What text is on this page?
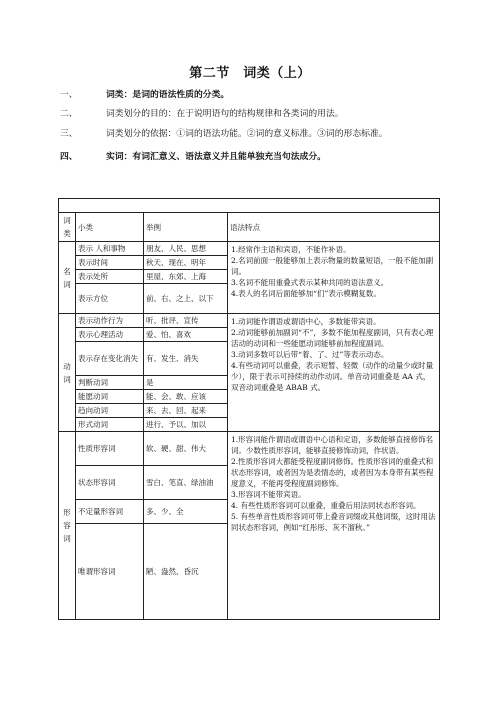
第二节　词类（上）
一、	词类：是词的语法性质的分类。
二、	词类划分的目的：在于说明语句的结构规律和各类词的用法。
三、	词类划分的依据：①词的语法功能。②词的意义标准。③词的形态标准。
四、	实词：有词汇意义、语法意义并且能单独充当句法成分。

词类	小类	举例	语法特点
名词	表示 人和事物	朋友、人民、思想	1.经常作主语和宾语，不能作补语。

2.名词前面一般能够加上表示物量的数量短语，一般不能加副词。

3.名词不能用重叠式表示某种共同的语法意义。

4.表人的名词后面能够加“们”表示模糊复数。

	表示时间	秋天、现在、明年	
	表示处所	里屋、东郊、上海	
	表示方位	前、右、之上、以下	
动词	表示动作行为	听、批评、宣传	1.动词能作谓语或谓语中心，多数能带宾语。

2.动词能够前加副词“不”，多数不能加程度副词，只有表心理活动的动词和一些能愿动词能够前加程度副词。

3.动词多数可以后带“着、了、过”等表示动态。

4.有些动词可以重叠，表示短暂、轻微（动作的动量少或时量少），限于表示可持续的动作动词。单音动词重叠是 AA 式，双音动词重叠是 ABAB 式。

	表示心理活动	爱、怕、喜欢	
	表示存在变化消失	有、发生、消失	
	判断动词	是	
	能愿动词	能、会、敢、应该	
	趋向动词	来、去、回、起来	
	形式动词	进行、予以、加以	
形容词	性质形容词	软、硬、甜、伟大	1.形容词能作谓语或谓语中心语和定语，多数能够直接修饰名词。少数性质形容词，能够直接修饰动词，作状语。

2.性质形容词大都能受程度副词修饰。性质形容词的重叠式和状态形容词，或者因为是表情态的，或者因为本身带有某些程度意义，不能再受程度副词修饰。

3.形容词不能带宾语。

4. 有些性质形容词可以重叠，重叠后用法同状态形容词。

5. 有些单音性质形容词可带上叠音词缀或其他词缀，这时用法同状态形容词，例如“红彤彤、灰不溜秋。”

	状态形容词	雪白、笔直、绿油油	
	不定量形容词	多、少、全	
	唯谓形容词	陋、盎然、昏沉	
